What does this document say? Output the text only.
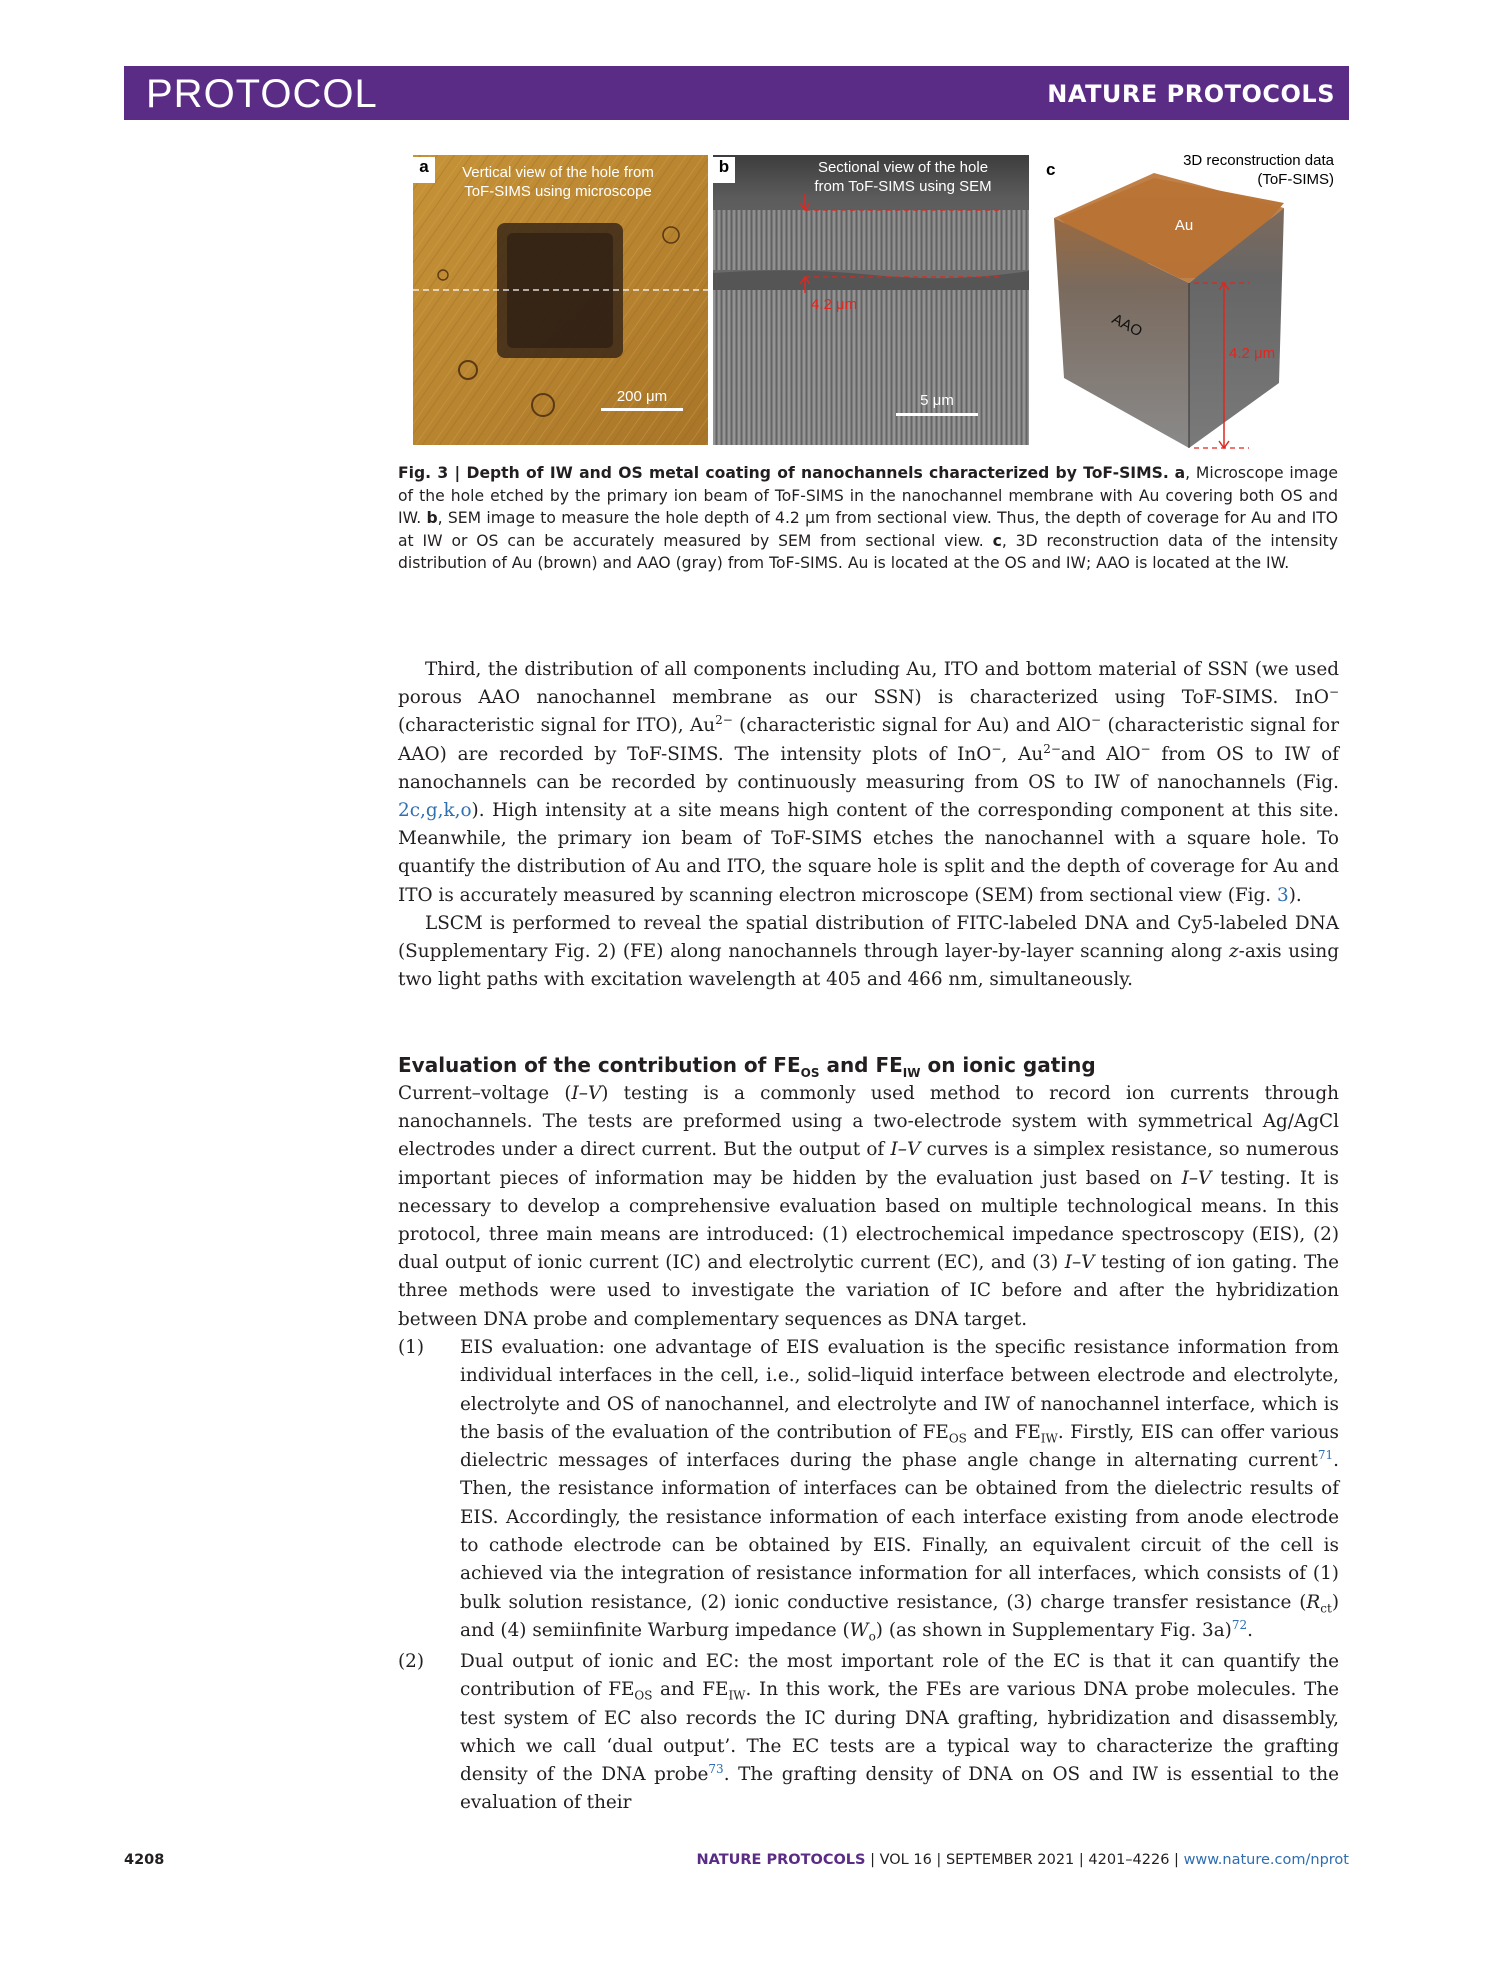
PROTOCOL	NATURE PROTOCOLS
a	Vertical view of the hole from
ToF-SIMS using microscope
200 μm
b	Sectional view of the hole
from ToF-SIMS using SEM
4.2 μm
5 μm
c	3D reconstruction data
(ToF-SIMS)
Au
AAO
4.2 μm
Fig. 3 | Depth of IW and OS metal coating of nanochannels characterized by ToF-SIMS. a, Microscope image of the hole etched by the primary ion beam of ToF-SIMS in the nanochannel membrane with Au covering both OS and IW. b, SEM image to measure the hole depth of 4.2 μm from sectional view. Thus, the depth of coverage for Au and ITO at IW or OS can be accurately measured by SEM from sectional view. c, 3D reconstruction data of the intensity distribution of Au (brown) and AAO (gray) from ToF-SIMS. Au is located at the OS and IW; AAO is located at the IW.

Third, the distribution of all components including Au, ITO and bottom material of SSN (we used porous AAO nanochannel membrane as our SSN) is characterized using ToF-SIMS. InO− (characteristic signal for ITO), $Au^{2-}$ (characteristic signal for Au) and AlO− (characteristic signal for AAO) are recorded by ToF-SIMS. The intensity plots of InO−, $Au^{2-}and$ AlO− from OS to IW of nanochannels can be recorded by continuously measuring from OS to IW of nanochannels (Fig. 2c,g,k,o). High intensity at a site means high content of the corresponding component at this site. Meanwhile, the primary ion beam of ToF-SIMS etches the nanochannel with a square hole. To quantify the distribution of Au and ITO, the square hole is split and the depth of coverage for Au and ITO is accurately measured by scanning electron microscope (SEM) from sectional view (Fig. 3).

LSCM is performed to reveal the spatial distribution of FITC-labeled DNA and Cy5-labeled DNA (Supplementary Fig. 2) (FE) along nanochannels through layer-by-layer scanning along z-axis using two light paths with excitation wavelength at 405 and 466 nm, simultaneously.

Evaluation of the contribution of $FE_{OS}$ and $FE_{IW}$ on ionic gating

Current–voltage (I–V) testing is a commonly used method to record ion currents through nanochannels. The tests are preformed using a two-electrode system with symmetrical Ag/AgCl electrodes under a direct current. But the output of I–V curves is a simplex resistance, so numerous important pieces of information may be hidden by the evaluation just based on I–V testing. It is necessary to develop a comprehensive evaluation based on multiple technological means. In this protocol, three main means are introduced: (1) electrochemical impedance spectroscopy (EIS), (2) dual output of ionic current (IC) and electrolytic current (EC), and (3) I–V testing of ion gating. The three methods were used to investigate the variation of IC before and after the hybridization between DNA probe and complementary sequences as DNA target.

(1) EIS evaluation: one advantage of EIS evaluation is the specific resistance information from individual interfaces in the cell, i.e., solid–liquid interface between electrode and electrolyte, electrolyte and OS of nanochannel, and electrolyte and IW of nanochannel interface, which is the basis of the evaluation of the contribution of $FE_{OS}$ and $FE_{IW}$. Firstly, EIS can offer various dielectric messages of interfaces during the phase angle change in alternating current$^{71}$. Then, the resistance information of interfaces can be obtained from the dielectric results of EIS. Accordingly, the resistance information of each interface existing from anode electrode to cathode electrode can be obtained by EIS. Finally, an equivalent circuit of the cell is achieved via the integration of resistance information for all interfaces, which consists of (1) bulk solution resistance, (2) ionic conductive resistance, (3) charge transfer resistance $(R_{ct})$ and (4) semiinfinite Warburg impedance $(W_o)$ (as shown in Supplementary Fig. 3a)$^{72}$.
(2) Dual output of ionic and EC: the most important role of the EC is that it can quantify the contribution of $FE_{OS}$ and $FE_{IW}$. In this work, the FEs are various DNA probe molecules. The test system of EC also records the IC during DNA grafting, hybridization and disassembly, which we call ‘dual output’. The EC tests are a typical way to characterize the grafting density of the DNA probe$^{73}$. The grafting density of DNA on OS and IW is essential to the evaluation of their
4208	NATURE PROTOCOLS | VOL 16 | SEPTEMBER 2021 | 4201–4226 | www.nature.com/nprot
